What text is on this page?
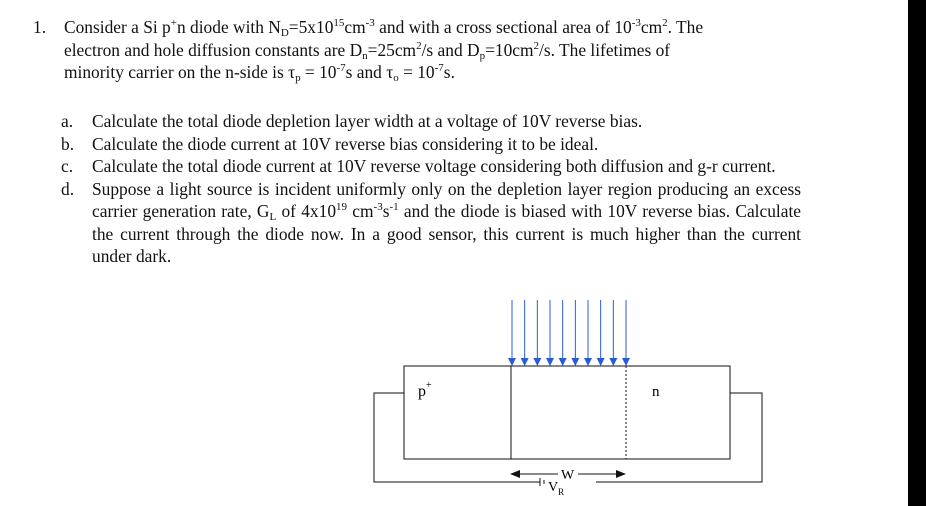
1. Consider a Si p+n diode with $N_D=5x10^{15}cm^{-3}$ and with a cross sectional area of $10^{-3}cm^2$. The

electron and hole diffusion constants are $D_n=25cm^2/s$ and $D_p=10cm^2/s$. The lifetimes of

minority carrier on the n-side is $\tau_p = 10^{-7}s$ and $\tau_o = 10^{-7}s$.

a. Calculate the total diode depletion layer width at a voltage of 10V reverse bias.
b. Calculate the diode current at 10V reverse bias considering it to be ideal.
c. Calculate the total diode current at 10V reverse voltage considering both diffusion and g-r current.
d. Suppose a light source is incident uniformly only on the depletion layer region producing an excess carrier generation rate, $G_L$ of $4x10^{19}$ $cm^{-3}s^{-1}$ and the diode is biased with 10V reverse bias. Calculate the current through the diode now. In a good sensor, this current is much higher than the current under dark.
p+	n
W
$V_R$
